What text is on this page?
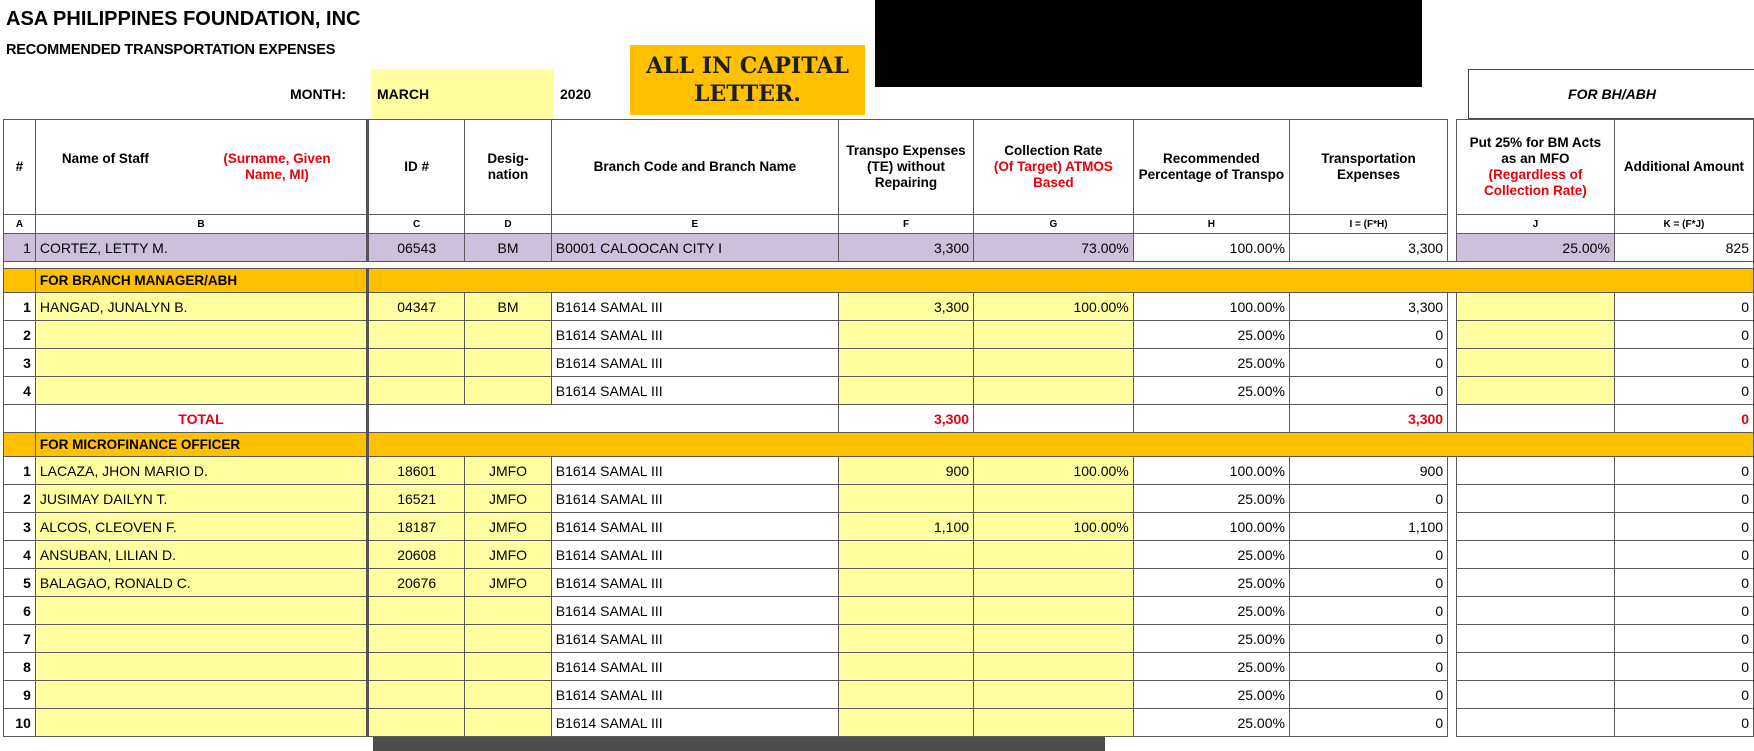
ASA PHILIPPINES FOUNDATION, INC
RECOMMENDED TRANSPORTATION EXPENSES
MONTH: MARCH	2020
ALL IN CAPITAL
LETTER.	FOR BH/ABH
#	Name of Staff (Surname, Given Name, MI)	ID #	Desig-nation	Branch Code and Branch Name	Transpo Expenses (TE) without Repairing	Collection Rate
(Of Target) ATMOS Based	Recommended Percentage of Transpo	Transportation Expenses		Put 25% for BM Acts as an MFO (Regardless of Collection Rate)	Additional Amount
A	B	C	D	E	F	G	H	I = (F*H)		J	K = (F*J)
1	CORTEZ, LETTY M.	06543	BM	B0001 CALOOCAN CITY I	3,300	73.00%	100.00%	3,300		25.00%	825

	FOR BRANCH MANAGER/ABH										
1	HANGAD, JUNALYN B.	04347	BM	B1614 SAMAL III	3,300	100.00%	100.00%	3,300			0
2				B1614 SAMAL III			25.00%	0			0
3				B1614 SAMAL III			25.00%	0			0
4				B1614 SAMAL III			25.00%	0			0
	TOTAL				3,300			3,300			0
	FOR MICROFINANCE OFFICER										
1	LACAZA, JHON MARIO D.	18601	JMFO	B1614 SAMAL III	900	100.00%	100.00%	900			0
2	JUSIMAY DAILYN T.	16521	JMFO	B1614 SAMAL III			25.00%	0			0
3	ALCOS, CLEOVEN F.	18187	JMFO	B1614 SAMAL III	1,100	100.00%	100.00%	1,100			0
4	ANSUBAN, LILIAN D.	20608	JMFO	B1614 SAMAL III			25.00%	0			0
5	BALAGAO, RONALD C.	20676	JMFO	B1614 SAMAL III			25.00%	0			0
6				B1614 SAMAL III			25.00%	0			0
7				B1614 SAMAL III			25.00%	0			0
8				B1614 SAMAL III			25.00%	0			0
9				B1614 SAMAL III			25.00%	0			0
10				B1614 SAMAL III			25.00%	0			0
